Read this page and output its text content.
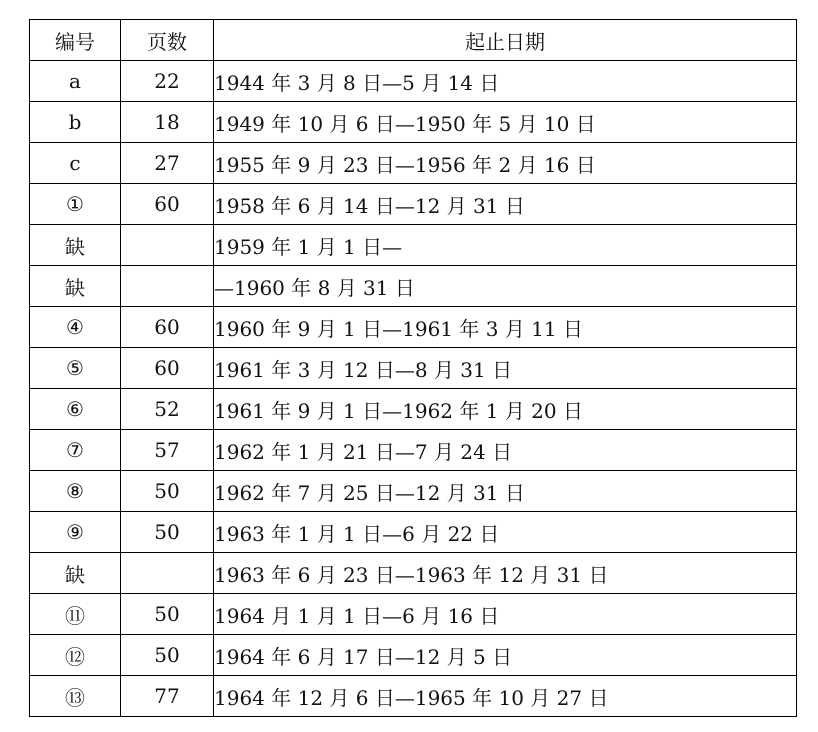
编号	页数	起止日期
a	22	1944 年 3 月 8 日—5 月 14 日
b	18	1949 年 10 月 6 日—1950 年 5 月 10 日
c	27	1955 年 9 月 23 日—1956 年 2 月 16 日
①	60	1958 年 6 月 14 日—12 月 31 日
缺		1959 年 1 月 1 日—
缺		—1960 年 8 月 31 日
④	60	1960 年 9 月 1 日—1961 年 3 月 11 日
⑤	60	1961 年 3 月 12 日—8 月 31 日
⑥	52	1961 年 9 月 1 日—1962 年 1 月 20 日
⑦	57	1962 年 1 月 21 日—7 月 24 日
⑧	50	1962 年 7 月 25 日—12 月 31 日
⑨	50	1963 年 1 月 1 日—6 月 22 日
缺		1963 年 6 月 23 日—1963 年 12 月 31 日
⑪	50	1964 月 1 月 1 日—6 月 16 日
⑫	50	1964 年 6 月 17 日—12 月 5 日
⑬	77	1964 年 12 月 6 日—1965 年 10 月 27 日
